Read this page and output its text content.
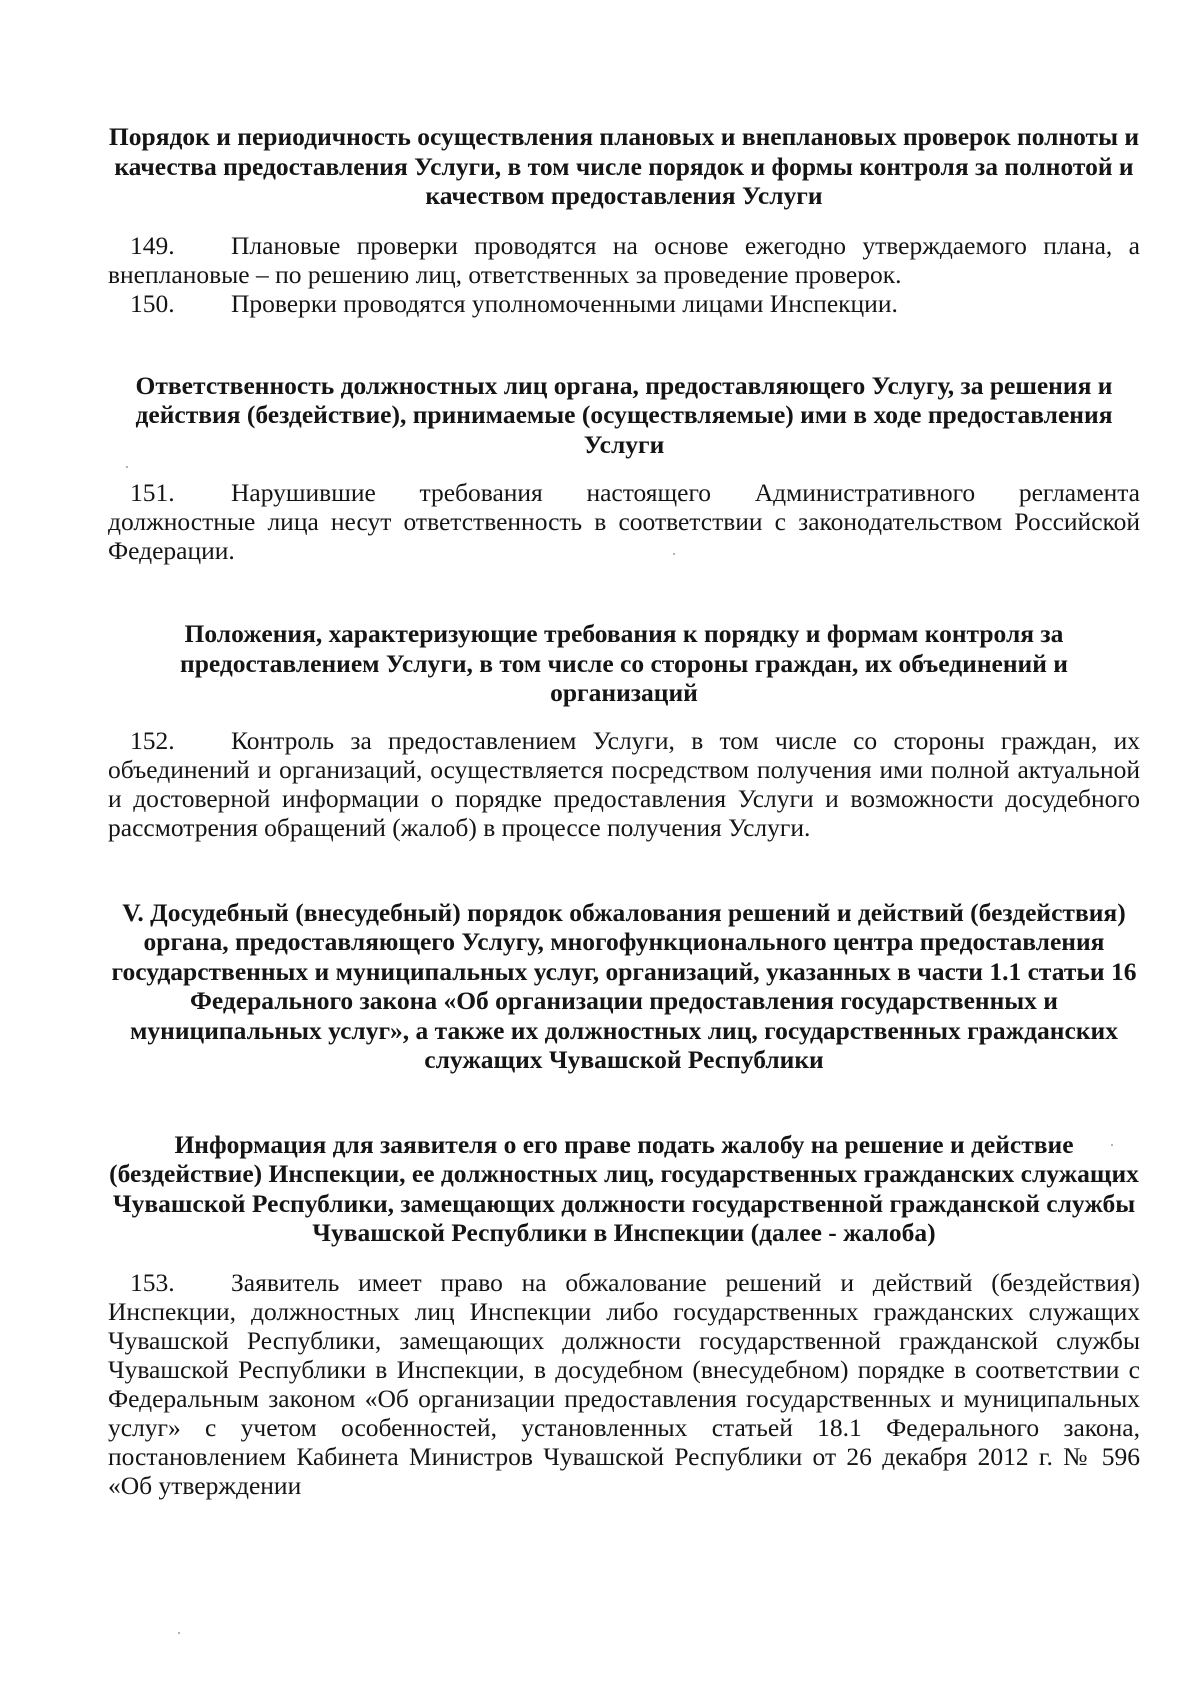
Порядок и периодичность осуществления плановых и внеплановых проверок полноты и качества предоставления Услуги, в том числе порядок и формы контроля за полнотой и качеством предоставления Услуги

149. Плановые проверки проводятся на основе ежегодно утверждаемого плана, а внеплановые – по решению лиц, ответственных за проведение проверок.

150. Проверки проводятся уполномоченными лицами Инспекции.

Ответственность должностных лиц органа, предоставляющего Услугу, за решения и действия (бездействие), принимаемые (осуществляемые) ими в ходе предоставления Услуги

151. Нарушившие требования настоящего Административного регламента должностные лица несут ответственность в соответствии с законодательством Российской Федерации.

Положения, характеризующие требования к порядку и формам контроля за предоставлением Услуги, в том числе со стороны граждан, их объединений и организаций

152. Контроль за предоставлением Услуги, в том числе со стороны граждан, их объединений и организаций, осуществляется посредством получения ими полной актуальной и достоверной информации о порядке предоставления Услуги и возможности досудебного рассмотрения обращений (жалоб) в процессе получения Услуги.

V. Досудебный (внесудебный) порядок обжалования решений и действий (бездействия) органа, предоставляющего Услугу, многофункционального центра предоставления государственных и муниципальных услуг, организаций, указанных в части 1.1 статьи 16 Федерального закона «Об организации предоставления государственных и муниципальных услуг», а также их должностных лиц, государственных гражданских служащих Чувашской Республики
Информация для заявителя о его праве подать жалобу на решение и действие (бездействие) Инспекции, ее должностных лиц, государственных гражданских служащих Чувашской Республики, замещающих должности государственной гражданской службы Чувашской Республики в Инспекции (далее - жалоба)

153. Заявитель имеет право на обжалование решений и действий (бездействия) Инспекции, должностных лиц Инспекции либо государственных гражданских служащих Чувашской Республики, замещающих должности государственной гражданской службы Чувашской Республики в Инспекции, в досудебном (внесудебном) порядке в соответствии с Федеральным законом «Об организации предоставления государственных и муниципальных услуг» с учетом особенностей, установленных статьей 18.1 Федерального закона, постановлением Кабинета Министров Чувашской Республики от 26 декабря 2012 г. № 596 «Об утверждении
